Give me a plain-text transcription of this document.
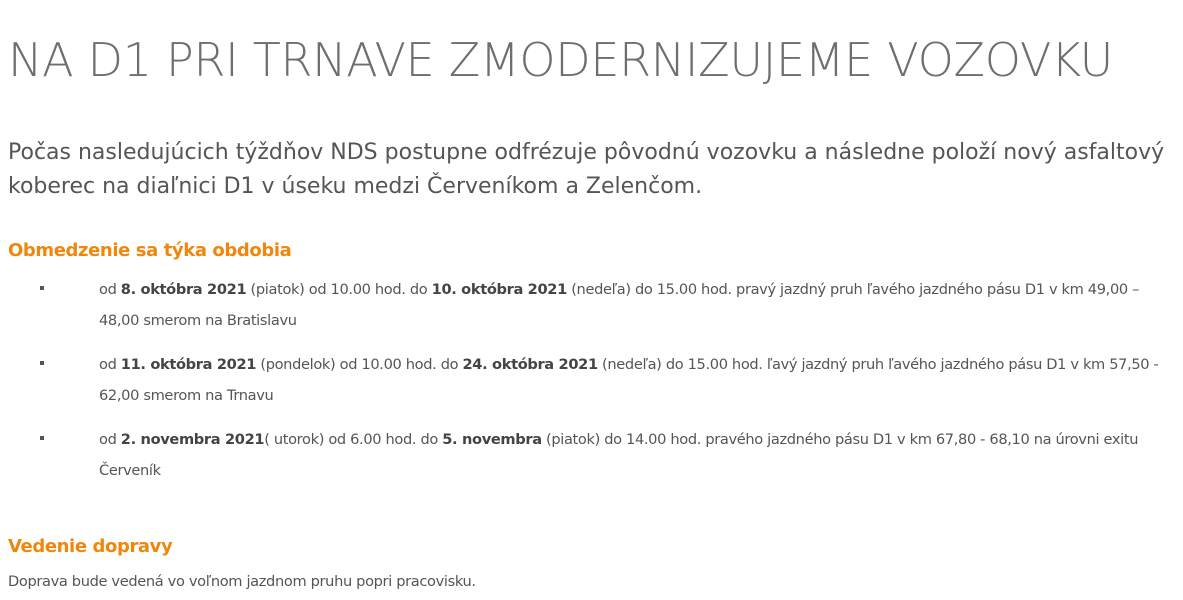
NA D1 PRI TRNAVE ZMODERNIZUJEME VOZOVKU

Počas nasledujúcich týždňov NDS postupne odfrézuje pôvodnú vozovku a následne položí nový asfaltový koberec na diaľnici D1 v úseku medzi Červeníkom a Zelenčom.

Obmedzenie sa týka obdobia
od 8. októbra 2021 (piatok) od 10.00 hod. do 10. októbra 2021 (nedeľa) do 15.00 hod. pravý jazdný pruh ľavého jazdného pásu D1 v km 49,00 – 48,00 smerom na Bratislavu
od 11. októbra 2021 (pondelok) od 10.00 hod. do 24. októbra 2021 (nedeľa) do 15.00 hod. ľavý jazdný pruh ľavého jazdného pásu D1 v km 57,50 - 62,00 smerom na Trnavu
od 2. novembra 2021( utorok) od 6.00 hod. do 5. novembra (piatok) do 14.00 hod. pravého jazdného pásu D1 v km 67,80 - 68,10 na úrovni exitu Červeník
Vedenie dopravy

Doprava bude vedená vo voľnom jazdnom pruhu popri pracovisku.
